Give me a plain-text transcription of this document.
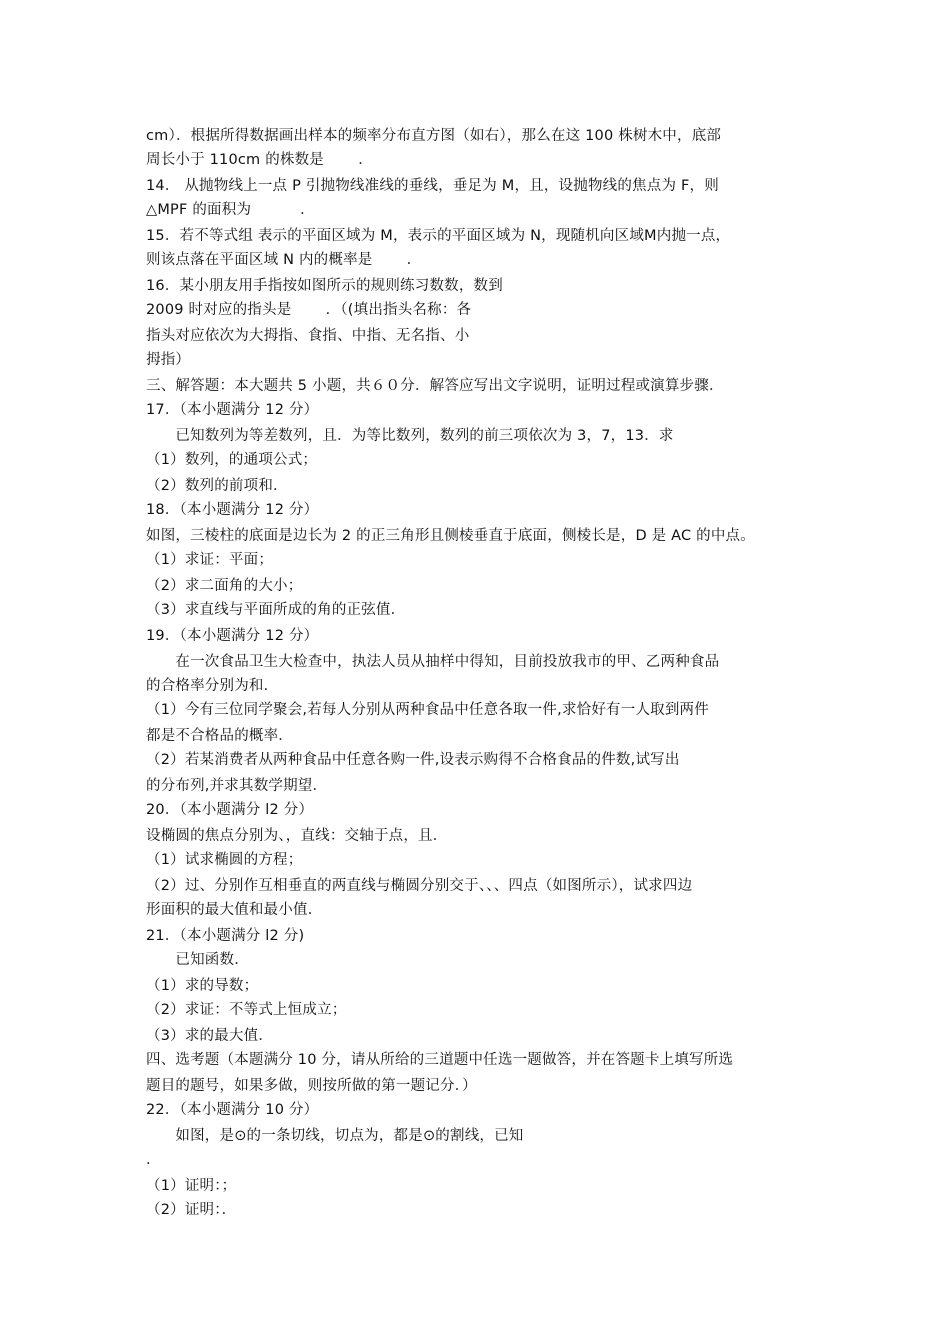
cm）．根据所得数据画出样本的频率分布直方图（如右），那么在这 100 株树木中，底部
周长小于 110cm 的株数是 　　．
14． 从抛物线上一点 P 引抛物线准线的垂线，垂足为 M，且，设抛物线的焦点为 F，则
△MPF 的面积为 　　　．
15．若不等式组 表示的平面区域为 M，表示的平面区域为 N，现随机向区域M内抛一点，
则该点落在平面区域 N 内的概率是 　　．
16．某小朋友用手指按如图所示的规则练习数数，数到
2009 时对应的指头是 　　．（(填出指头名称：各
指头对应依次为大拇指、食指、中指、无名指、小
拇指）
三、解答题：本大题共 5 小题，共６０分．解答应写出文字说明，证明过程或演算步骤．
17．（本小题满分 12 分）
　　已知数列为等差数列，且．为等比数列，数列的前三项依次为 3，7，13．求
（1）数列，的通项公式；
（2）数列的前项和．
18．（本小题满分 12 分）
如图，三棱柱的底面是边长为 2 的正三角形且侧棱垂直于底面，侧棱长是，D 是 AC 的中点。
（1）求证：平面；
（2）求二面角的大小；
（3）求直线与平面所成的角的正弦值．
19．（本小题满分 12 分）
　　在一次食品卫生大检查中，执法人员从抽样中得知，目前投放我市的甲、乙两种食品
的合格率分别为和．
（1）今有三位同学聚会,若每人分别从两种食品中任意各取一件,求恰好有一人取到两件
都是不合格品的概率．
（2）若某消费者从两种食品中任意各购一件,设表示购得不合格食品的件数,试写出
的分布列,并求其数学期望．
20．（本小题满分 l2 分）
设椭圆的焦点分别为、，直线：交轴于点，且．
（1）试求椭圆的方程；
（2）过、分别作互相垂直的两直线与椭圆分别交于、、、四点（如图所示），试求四边
形面积的最大值和最小值．
21．（本小题满分 l2 分)
　　已知函数．
（1）求的导数；
（2）求证：不等式上恒成立；
（3）求的最大值．
四、选考题（本题满分 10 分，请从所给的三道题中任选一题做答，并在答题卡上填写所选
题目的题号，如果多做，则按所做的第一题记分．）
22．（本小题满分 10 分）
　　如图，是⊙的一条切线，切点为，都是⊙的割线，已知
．
（1）证明：；
（2）证明：．
